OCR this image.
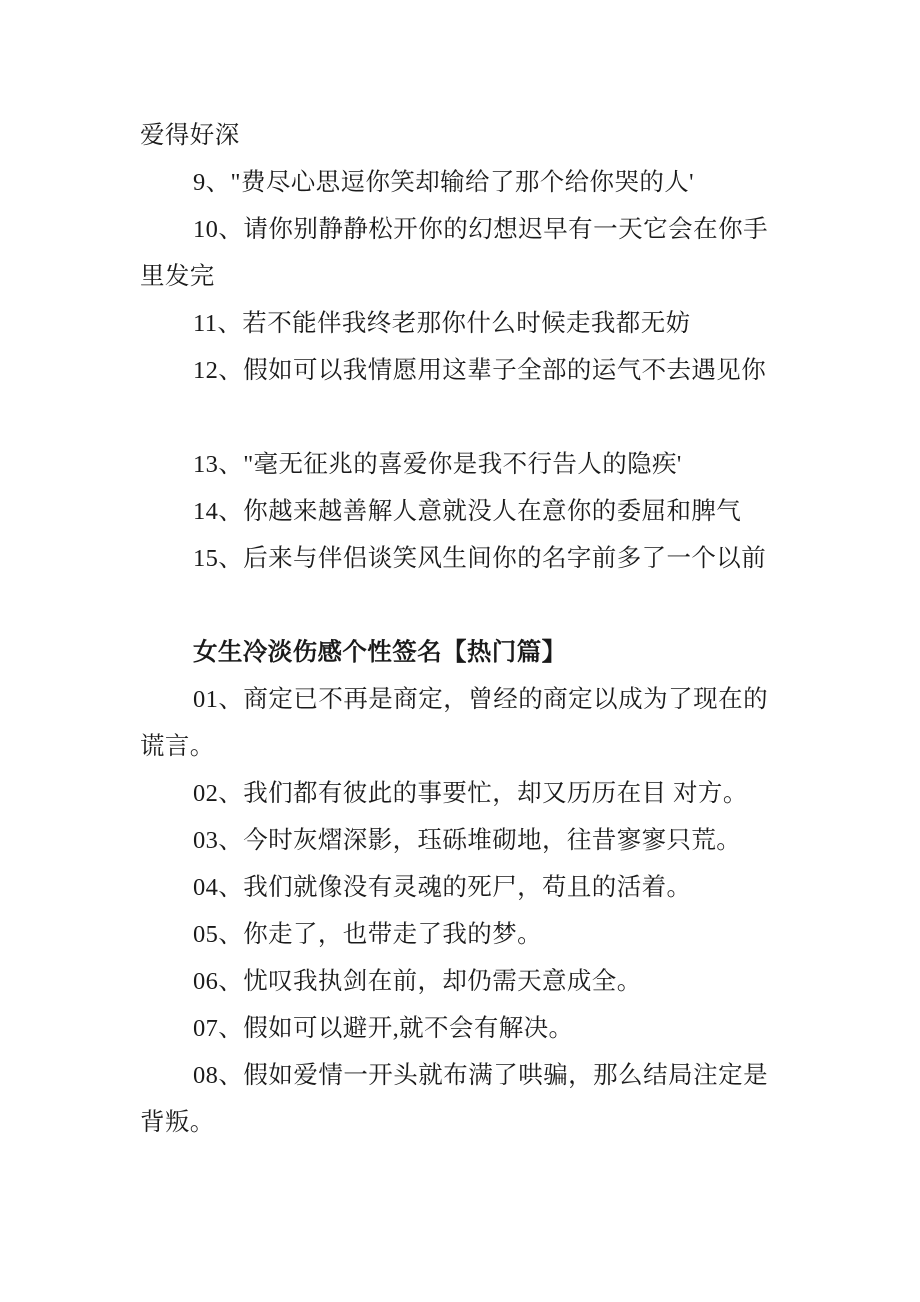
爱得好深

9、"费尽心思逗你笑却输给了那个给你哭的人'

10、请你别静静松开你的幻想迟早有一天它会在你手里发完

11、若不能伴我终老那你什么时候走我都无妨

12、假如可以我情愿用这辈子全部的运气不去遇见你

13、"毫无征兆的喜爱你是我不行告人的隐疾'

14、你越来越善解人意就没人在意你的委屈和脾气

15、后来与伴侣谈笑风生间你的名字前多了一个以前

女生冷淡伤感个性签名【热门篇】

01、商定已不再是商定，曾经的商定以成为了现在的谎言。

02、我们都有彼此的事要忙，却又历历在目 对方。

03、今时灰熠深影，珏砾堆砌地，往昔寥寥只荒。

04、我们就像没有灵魂的死尸，苟且的活着。

05、你走了，也带走了我的梦。

06、忧叹我执剑在前，却仍需天意成全。

07、假如可以避开,就不会有解决。

08、假如爱情一开头就布满了哄骗，那么结局注定是背叛。
